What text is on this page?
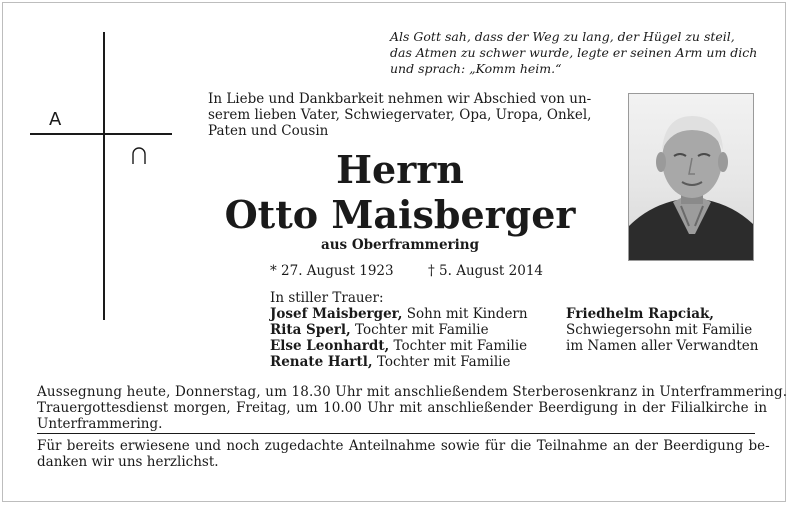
Als Gott sah, dass der Weg zu lang, der Hügel zu steil,
das Atmen zu schwer wurde, legte er seinen Arm um dich
und sprach: „Komm heim.“
A
In Liebe und Dankbarkeit nehmen wir Abschied von un-
serem lieben Vater, Schwiegervater, Opa, Uropa, Onkel,
Paten und Cousin
Herrn
Otto Maisberger
aus Oberframmering
* 27. August 1923	† 5. August 2014
In stiller Trauer:
Josef Maisberger, Sohn mit Kindern
Rita Sperl, Tochter mit Familie
Else Leonhardt, Tochter mit Familie
Renate Hartl, Tochter mit Familie
Friedhelm Rapciak,
Schwiegersohn mit Familie
im Namen aller Verwandten
Aussegnung heute, Donnerstag, um 18.30 Uhr mit anschließendem Sterberosenkranz in Unterframmering.
Trauergottesdienst morgen, Freitag, um 10.00 Uhr mit anschließender Beerdigung in der Filialkirche in
Unterframmering.
Für bereits erwiesene und noch zugedachte Anteilnahme sowie für die Teilnahme an der Beerdigung be-
danken wir uns herzlichst.
